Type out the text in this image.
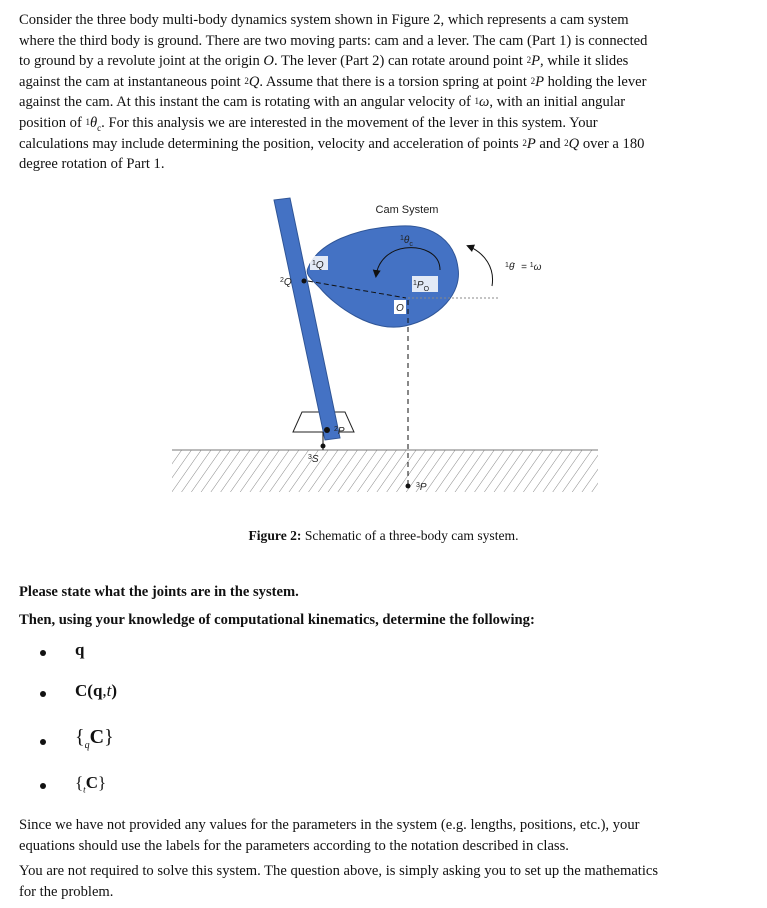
Consider the three body multi-body dynamics system shown in Figure 2, which represents a cam system
where the third body is ground. There are two moving parts: cam and a lever. The cam (Part 1) is connected
to ground by a revolute joint at the origin O. The lever (Part 2) can rotate around point $^2$P, while it slides
against the cam at instantaneous point $^2$Q. Assume that there is a torsion spring at point $^2$P holding the lever
against the cam. At this instant the cam is rotating with an angular velocity of $^1$ω, with an initial angular
position of $^1\theta_c$. For this analysis we are interested in the movement of the lever in this system. Your
calculations may include determining the position, velocity and acceleration of points $^2$P and $^2$Q over a 180
degree rotation of Part 1.
Cam System
$^1$Q
$^2$Q
O
$^1P_O$
$^1\theta_c$
$^1$θ̇ = $^1$ω
$^2$P
$^3$S
$^3$P
Figure 2: Schematic of a three-body cam system.
Please state what the joints are in the system.
Then, using your knowledge of computational kinematics, determine the following:
q
C(q,t)
$\{_qC\}$
$\{_tC\}$
Since we have not provided any values for the parameters in the system (e.g. lengths, positions, etc.), your
equations should use the labels for the parameters according to the notation described in class.
You are not required to solve this system. The question above, is simply asking you to set up the mathematics
for the problem.
